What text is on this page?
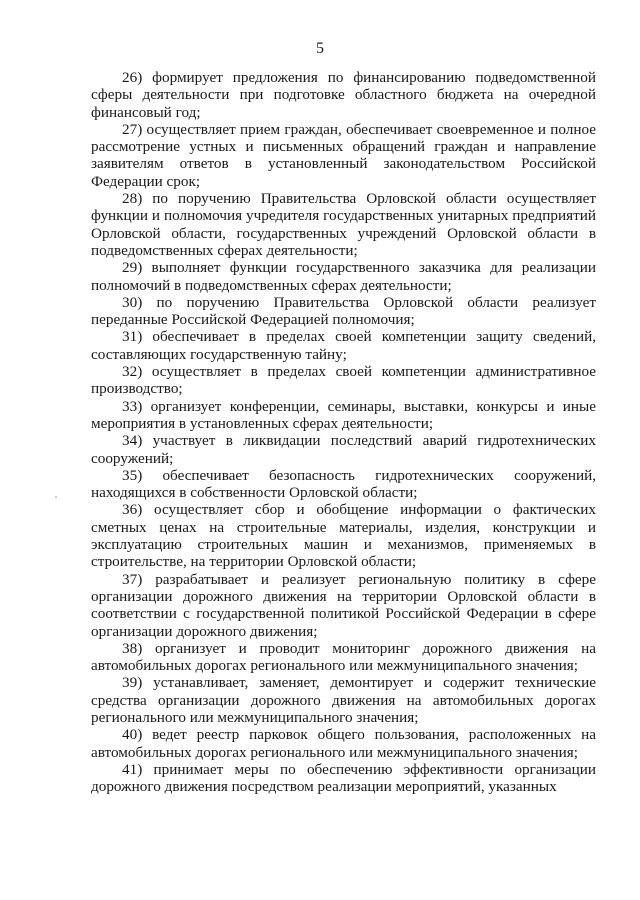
5

26) формирует предложения по финансированию подведомственной сферы деятельности при подготовке областного бюджета на очередной финансовый год;

27) осуществляет прием граждан, обеспечивает своевременное и полное рассмотрение устных и письменных обращений граждан и направление заявителям ответов в установленный законодательством Российской Федерации срок;

28) по поручению Правительства Орловской области осуществляет функции и полномочия учредителя государственных унитарных предприятий Орловской области, государственных учреждений Орловской области в подведомственных сферах деятельности;

29) выполняет функции государственного заказчика для реализации полномочий в подведомственных сферах деятельности;

30) по поручению Правительства Орловской области реализует переданные Российской Федерацией полномочия;

31) обеспечивает в пределах своей компетенции защиту сведений, составляющих государственную тайну;

32) осуществляет в пределах своей компетенции административное производство;

33) организует конференции, семинары, выставки, конкурсы и иные мероприятия в установленных сферах деятельности;

34) участвует в ликвидации последствий аварий гидротехнических сооружений;

35) обеспечивает безопасность гидротехнических сооружений, находящихся в собственности Орловской области;

36) осуществляет сбор и обобщение информации о фактических сметных ценах на строительные материалы, изделия, конструкции и эксплуатацию строительных машин и механизмов, применяемых в строительстве, на территории Орловской области;

37) разрабатывает и реализует региональную политику в сфере организации дорожного движения на территории Орловской области в соответствии с государственной политикой Российской Федерации в сфере организации дорожного движения;

38) организует и проводит мониторинг дорожного движения на автомобильных дорогах регионального или межмуниципального значения;

39) устанавливает, заменяет, демонтирует и содержит технические средства организации дорожного движения на автомобильных дорогах регионального или межмуниципального значения;

40) ведет реестр парковок общего пользования, расположенных на автомобильных дорогах регионального или межмуниципального значения;

41) принимает меры по обеспечению эффективности организации дорожного движения посредством реализации мероприятий, указанных
